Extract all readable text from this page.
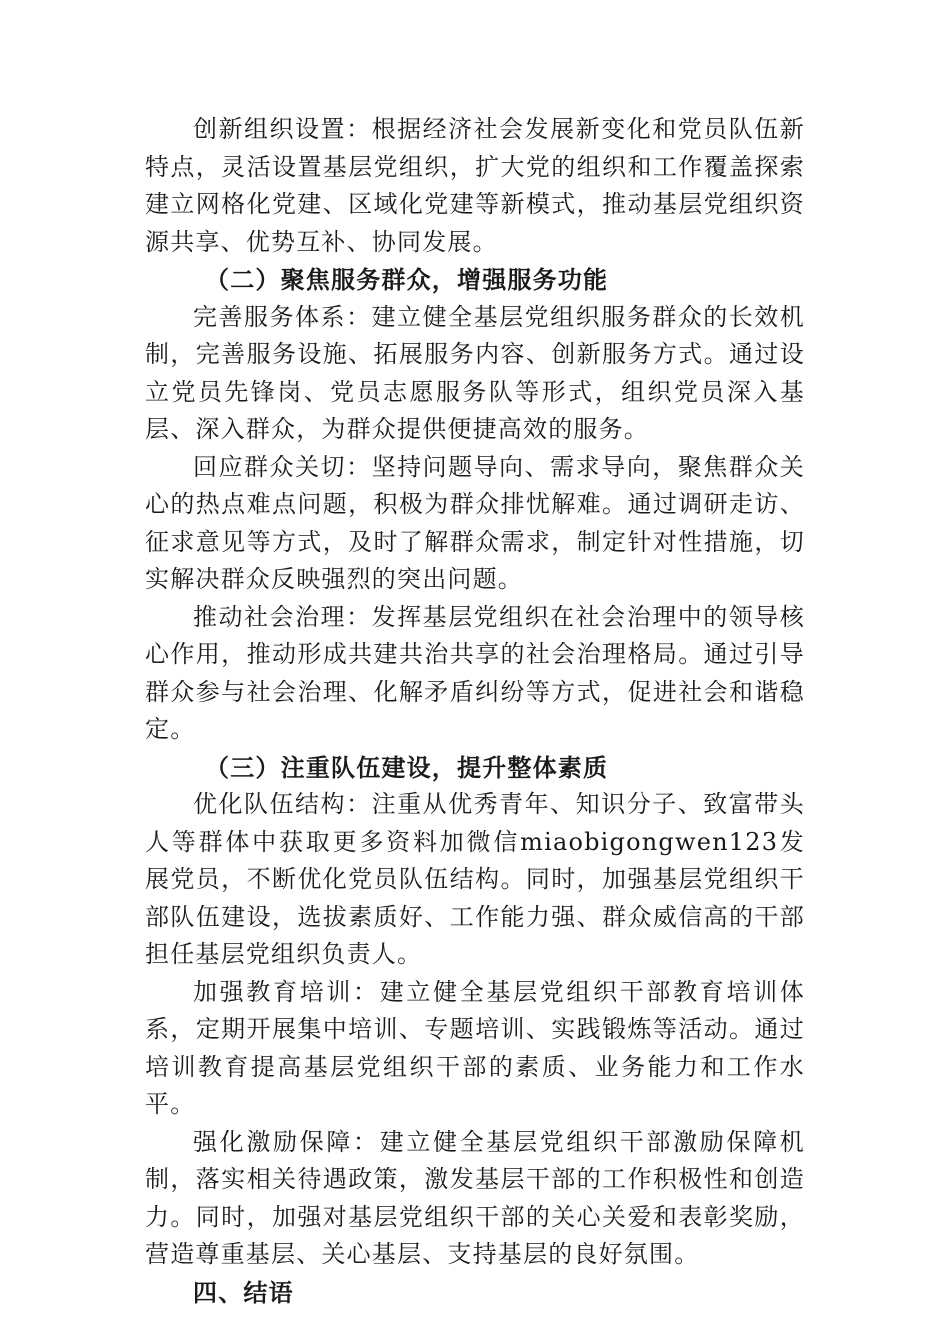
创新组织设置：根据经济社会发展新变化和党员队伍新特点，灵活设置基层党组织，扩大党的组织和工作覆盖探索建立网格化党建、区域化党建等新模式，推动基层党组织资源共享、优势互补、协同发展。

（二）聚焦服务群众，增强服务功能

完善服务体系：建立健全基层党组织服务群众的长效机制，完善服务设施、拓展服务内容、创新服务方式。通过设立党员先锋岗、党员志愿服务队等形式，组织党员深入基层、深入群众，为群众提供便捷高效的服务。

回应群众关切：坚持问题导向、需求导向，聚焦群众关心的热点难点问题，积极为群众排忧解难。通过调研走访、征求意见等方式，及时了解群众需求，制定针对性措施，切实解决群众反映强烈的突出问题。

推动社会治理：发挥基层党组织在社会治理中的领导核心作用，推动形成共建共治共享的社会治理格局。通过引导群众参与社会治理、化解矛盾纠纷等方式，促进社会和谐稳定。

（三）注重队伍建设，提升整体素质

优化队伍结构：注重从优秀青年、知识分子、致富带头人等群体中获取更多资料加微信miaobigongwen123发展党员，不断优化党员队伍结构。同时，加强基层党组织干部队伍建设，选拔素质好、工作能力强、群众威信高的干部担任基层党组织负责人。

加强教育培训：建立健全基层党组织干部教育培训体系，定期开展集中培训、专题培训、实践锻炼等活动。通过培训教育提高基层党组织干部的素质、业务能力和工作水平。

强化激励保障：建立健全基层党组织干部激励保障机制，落实相关待遇政策，激发基层干部的工作积极性和创造力。同时，加强对基层党组织干部的关心关爱和表彰奖励，营造尊重基层、关心基层、支持基层的良好氛围。

四、结语
